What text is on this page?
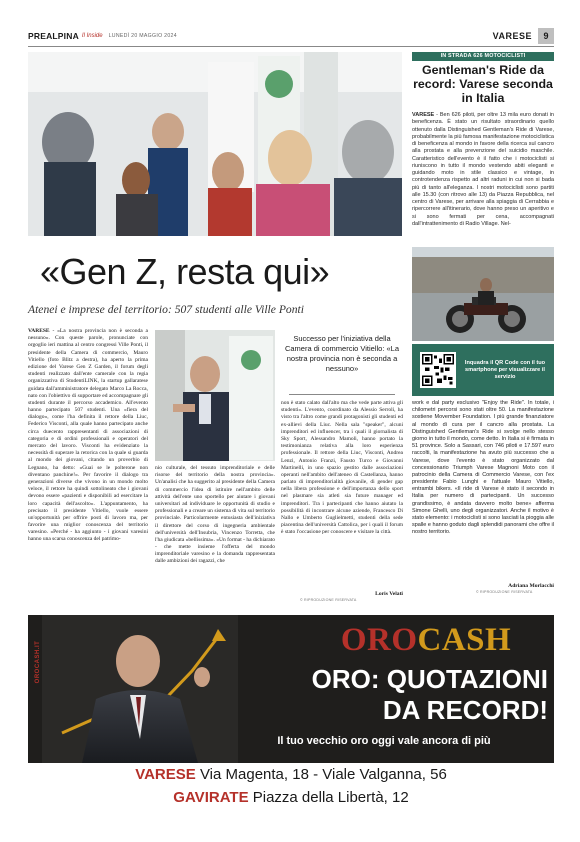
PREALPINA Il Inside LUNEDÌ 20 MAGGIO 2024	VARESE	9
IN STRADA 626 MOTOCICLISTI
Gentleman's Ride da record: Varese seconda in Italia
VARESE - Ben 626 piloti, per oltre 13 mila euro donati in beneficenza. È stato un risultato straordinario quello ottenuto dalla Distinguished Gentleman's Ride di Varese, probabilmente la più famosa manifestazione motociclistica di beneficenza al mondo in favore della ricerca sul cancro alla prostata e alla prevenzione del suicidio maschile. Caratteristico dell'evento è il fatto che i motociclisti si riuniscono in tutto il mondo vestendo abiti eleganti e guidando moto in stile classico e vintage, in controtendenza rispetto ad altri raduni in cui non si bada più di tanto all'eleganza. I nostri motociclisti sono partiti alle 15.30 (con ritrovo alle 13) da Piazza Repubblica, nel centro di Varese, per arrivare alla spiaggia di Cerrabbia e ripercorrere all'itinerario, dove hanno preso un aperitivo e si sono fermati per cena, accompagnati dall'intrattenimento di Radio Village. Nel-
Inquadra il QR Code con il tuo smartphone per visualizzare il servizio
«Gen Z, resta qui»
Atenei e imprese del territorio: 507 studenti alle Ville Ponti
VARESE - «La nostra provincia non è seconda a nessuno». Con queste parole, pronunciate con orgoglio ieri mattina al centro congressi Ville Ponti, il presidente della Camera di commercio, Mauro Vitiello (foto Blitz a destra), ha aperto la prima edizione del Varese Gen Z Garden, il forum degli studenti realizzato dall'ente camerale con la regia organizzativa di StudentiLINK, la startup gallaratese guidata dall'amministratore delegato Marco La Rocca, nato con l'obiettivo di supportare ed accompagnare gli studenti durante il percorso accademico. All'evento hanno partecipato 507 studenti. Una «fiera del dialogo», come l'ha definita il rettore della Liuc, Federico Visconti, alla quale hanno partecipato anche circa duecento rappresentanti di associazioni di categoria e di ordini professionali e operatori del mercato del lavoro. Visconti ha evidenziato la necessità di superare la retorica con la quale si guarda al mondo dei giovani, citando un proverbio di Legnano, ha detto: «Guai se le polterone non diventano panchine!». Per favorire il dialogo tra generazioni diverse che vivono in un mondo molto veloce, il rettore ha quindi sottolineato che i giovani devono essere «pazienti e disponibili ad esercitare la loro capacità dell'ascolto». L'appuntamento, ha precisato il presidente Vitiello, vuole essere un'opportunità per offrire posti di lavoro ma, per favorire una miglior conoscenza del territorio varesino. «Perché - ha aggiunto - i giovani varesini hanno una scarsa conoscenza del patrimo-
Successo per l'iniziativa della Camera di commercio Vitiello: «La nostra provincia non è seconda a nessuno»
nio culturale, del tessuto imprenditoriale e delle risorse del territorio della nostra provincia». Un'analisi che ha suggerito al presidente della Camera di commercio l'idea di istituire nell'ambito delle attività dell'ente uno sportello per aiutare i giovani universitari ad individuare le opportunità di studio e professionali e a creare un sistema di vita sul territorio provinciale. Particolarmente entusiasta dell'iniziativa il direttore del corso di ingegneria ambientale dell'università dell'Insubria, Vincenzo Torretta, che l'ha giudicata «bellissima». «Un format - ha dichiarato - che mette insieme l'offerta del mondo imprenditoriale varesino e la domanda rappresentata dalle ambizioni dei ragazzi, che
non è stato calato dall'alto ma che vede parte attiva gli studenti». L'evento, coordinato da Alessio Serroli, ha visto tra l'altro come grandi protagonisti gli studenti ed ex-allievi della Liuc. Nella sala "speaker", alcuni imprenditori ed influencer, tra i quali il giornalista di Sky Sport, Alessandro Mamoli, hanno portato la testimonianza relativa alla loro esperienza professionale. Il rettore della Liuc, Visconti, Andrea Lenzi, Antonio Franzi, Fausto Turco e Giovanni Martinelli, in uno spazio gestito dalle associazioni operanti nell'ambito dell'ateneo di Castellanza, hanno parlato di imprenditorialità giovanile, di gender gap nella libera professione e dell'importanza dello sport nel plasmare sia atleti sia future manager ed imprenditori. Tra i partecipanti che hanno aiutato la possibilità di incontrare alcune aziende, Francesco Di Nallo e Umberto Guglielmetti, studenti della sede piacentina dell'università Cattolica, per i quali il forum è stato l'occasione per conoscere e visitare la città.
work e dal party esclusivo "Enjoy the Ride". In totale, i chilometri percorsi sono stati oltre 50. La manifestazione sostiene Movember Foundation. I più grande finanziatore al mondo di cura per il cancro alla prostata. La Distinguished Gentleman's Ride si svolge nello stesso giorno in tutto il mondo, come detto. In Italia si è firmata in 51 province. Solo a Sassari, con 746 piloti e 17.597 euro raccolti, la manifestazione ha avuto più successo che a Varese, dove l'evento è stato organizzato dal concessionario Triumph Varese Magnoni Moto con il patrocinio della Camera di Commercio Varese, con l'ex presidente Fabio Lunghi e l'attuale Mauro Vitiello, entrambi bikers. «Il ride di Varese è stato il secondo in Italia per numero di partecipanti. Un successo grandissimo, è andata davvero molto bene» afferma Simone Ghelli, uno degli organizzatori. Anche il motivo è stato elemento: i motociclisti si sono lasciati la pioggia alle spalle e hanno goduto dagli splendidi panorami che offre il nostro territorio.
Loris Velati
© RIPRODUZIONE RISERVATA
Adriana Morlacchi
© RIPRODUZIONE RISERVATA
OROCASH.IT
OROCASH
ORO: QUOTAZIONI
DA RECORD!
Il tuo vecchio oro oggi vale ancora di più
VARESE Via Magenta, 18 - Viale Valganna, 56
GAVIRATE Piazza della Libertà, 12
